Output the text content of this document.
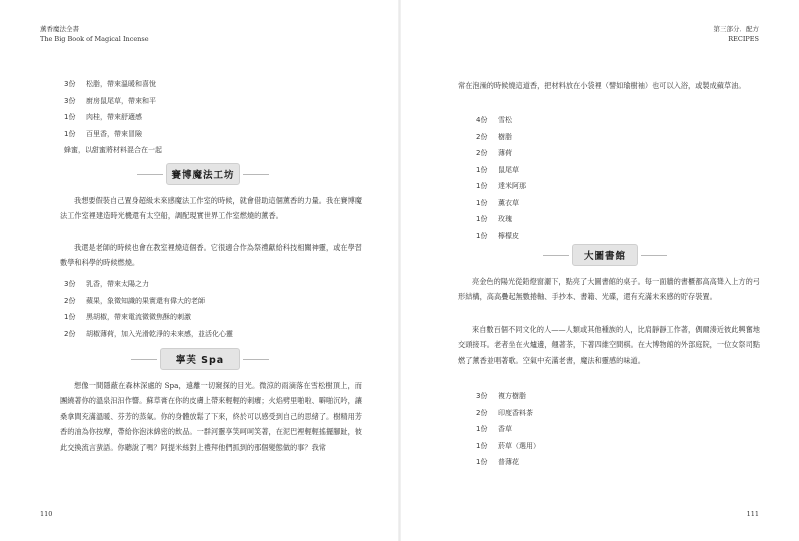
薰香魔法全書
The Big Book of Magical Incense
3份 松脂，帶來溫暖和喜悅
3份 廚房鼠尾草，帶來和平
1份 肉桂，帶來舒適感
1份 百里香，帶來冒險
蜂蜜，以甜蜜將材料混合在一起
賽博魔法工坊
我想要假裝自己置身超級未來感魔法工作室的時候，就會借助這個薰香的力量。我在賽博魔法工作室裡建造時光機還有太空船，調配現實世界工作室燃燒的薰香。
我還是老師的時候也會在教室裡燒這個香。它很適合作為祭禮獻給科技相關神靈，或在學習數學和科學的時候燃燒。
3份 乳香，帶來太陽之力
2份 蘋果，象徵知識的果實還有偉大的老師
1份 黑胡椒，帶來電流微微焦酥的刺激
2份 胡椒薄荷，加入光滑乾淨的未來感，並活化心靈
寧芙 Spa
想像一間隱蔽在森林深處的 Spa，遠離一切窺探的目光。微涼的雨滴落在雪松樹頂上，而團繞著你的溫泉汩汩作響。蘇草膏在你的皮膚上帶來輕輕的刺癢；火焰劈里啪啦、噼啪沉吟，讓桑拿間充滿溫暖、芬芳的蒸氣。你的身體放鬆了下來，終於可以感受到自己的思緒了。樹精用芳香的油為你按摩，帶給你泡沫綿密的飲品。一群河靈享笑呵呵笑著，在泥巴裡輕輕搖擺腳趾，彼此交換流言蜚語。你聽說了嗎？阿提米絲對上禮拜他們抓到的那個變態做的事？我常
110
第三部分．配方
RECIPES
常在泡澡的時候燒這道香，把材料放在小袋裡（譬如瑜樹袖）也可以入浴，或製成蘋草油。
4份 雪松
2份 樹脂
2份 薄荷
1份 鼠尾草
1份 達米阿那
1份 薰衣草
1份 玫瑰
1份 檸檬皮
大圖書館
亮金色的陽光從鉛燈窗灑下，點亮了大圖書館的桌子。每一面牆的書櫃都高高聳入上方的弓形結構，高高疊起無數捲軸、手抄本、書籍、光碟，還有充滿未來感的貯存裝置。
來自數百個不同文化的人——人類或其他種族的人，比肩靜靜工作著，偶爾湊近彼此興奮地交頭接耳。老者坐在火爐邊，翹著茶，下著四維空間棋。在大博物館的外部庭院，一位女祭司點燃了薰香並唱著歌。空氣中充滿老書，魔法和靈感的味道。
3份 複方樹脂
2份 印度香料茶
1份 香草
1份 菸草（選用）
1份 普薄花
111
